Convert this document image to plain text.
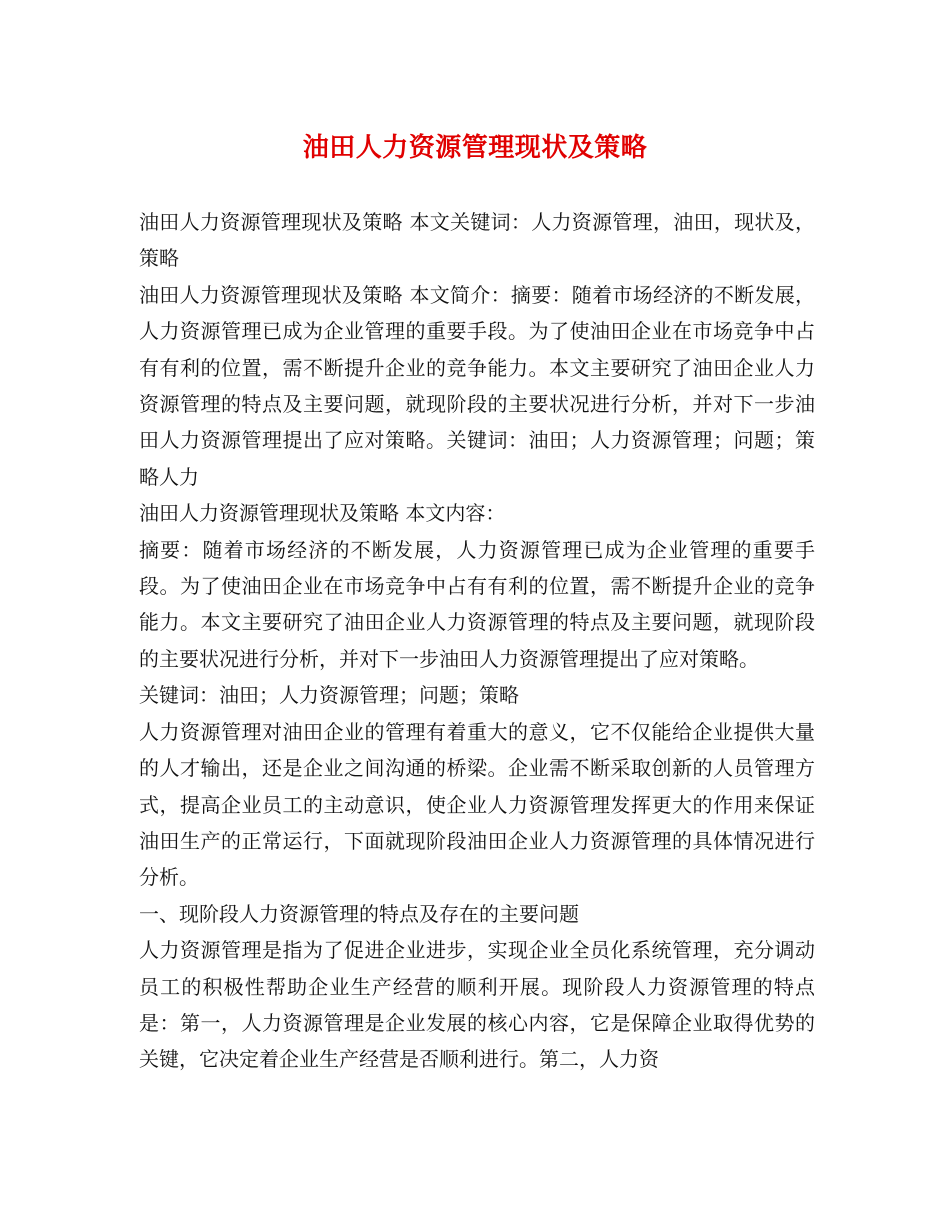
油田人力资源管理现状及策略

油田人力资源管理现状及策略 本文关键词：人力资源管理，油田，现状及，策略

油田人力资源管理现状及策略 本文简介：摘要：随着市场经济的不断发展，人力资源管理已成为企业管理的重要手段。为了使油田企业在市场竞争中占有有利的位置，需不断提升企业的竞争能力。本文主要研究了油田企业人力资源管理的特点及主要问题，就现阶段的主要状况进行分析，并对下一步油田人力资源管理提出了应对策略。关键词：油田；人力资源管理；问题；策略人力

油田人力资源管理现状及策略 本文内容：

摘要：随着市场经济的不断发展，人力资源管理已成为企业管理的重要手段。为了使油田企业在市场竞争中占有有利的位置，需不断提升企业的竞争能力。本文主要研究了油田企业人力资源管理的特点及主要问题，就现阶段的主要状况进行分析，并对下一步油田人力资源管理提出了应对策略。

关键词：油田；人力资源管理；问题；策略

人力资源管理对油田企业的管理有着重大的意义，它不仅能给企业提供大量的人才输出，还是企业之间沟通的桥梁。企业需不断采取创新的人员管理方式，提高企业员工的主动意识，使企业人力资源管理发挥更大的作用来保证油田生产的正常运行，下面就现阶段油田企业人力资源管理的具体情况进行分析。

一、现阶段人力资源管理的特点及存在的主要问题

人力资源管理是指为了促进企业进步，实现企业全员化系统管理，充分调动员工的积极性帮助企业生产经营的顺利开展。现阶段人力资源管理的特点是：第一，人力资源管理是企业发展的核心内容，它是保障企业取得优势的关键，它决定着企业生产经营是否顺利进行。第二，人力资
